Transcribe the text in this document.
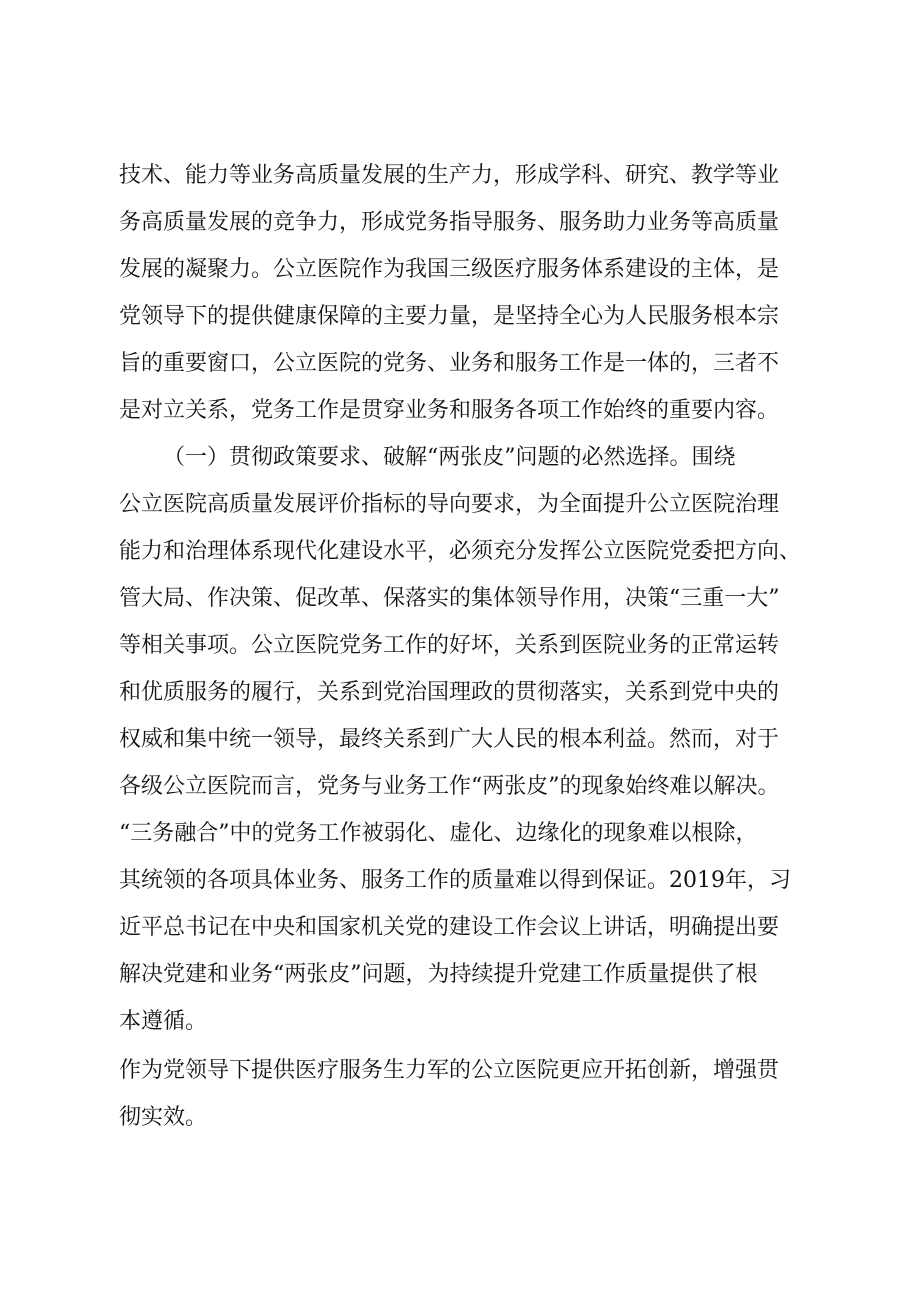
技术、能力等业务高质量发展的生产力，形成学科、研究、教学等业
务高质量发展的竞争力，形成党务指导服务、服务助力业务等高质量
发展的凝聚力。公立医院作为我国三级医疗服务体系建设的主体，是
党领导下的提供健康保障的主要力量，是坚持全心为人民服务根本宗
旨的重要窗口，公立医院的党务、业务和服务工作是一体的，三者不
是对立关系，党务工作是贯穿业务和服务各项工作始终的重要内容。
（一）贯彻政策要求、破解“两张皮”问题的必然选择。围绕
公立医院高质量发展评价指标的导向要求，为全面提升公立医院治理
能力和治理体系现代化建设水平，必须充分发挥公立医院党委把方向、
管大局、作决策、促改革、保落实的集体领导作用，决策“三重一大”
等相关事项。公立医院党务工作的好坏，关系到医院业务的正常运转
和优质服务的履行，关系到党治国理政的贯彻落实，关系到党中央的
权威和集中统一领导，最终关系到广大人民的根本利益。然而，对于
各级公立医院而言，党务与业务工作“两张皮”的现象始终难以解决。
“三务融合”中的党务工作被弱化、虚化、边缘化的现象难以根除，
其统领的各项具体业务、服务工作的质量难以得到保证。2019年，习
近平总书记在中央和国家机关党的建设工作会议上讲话，明确提出要
解决党建和业务“两张皮”问题，为持续提升党建工作质量提供了根
本遵循。
作为党领导下提供医疗服务生力军的公立医院更应开拓创新，增强贯
彻实效。
